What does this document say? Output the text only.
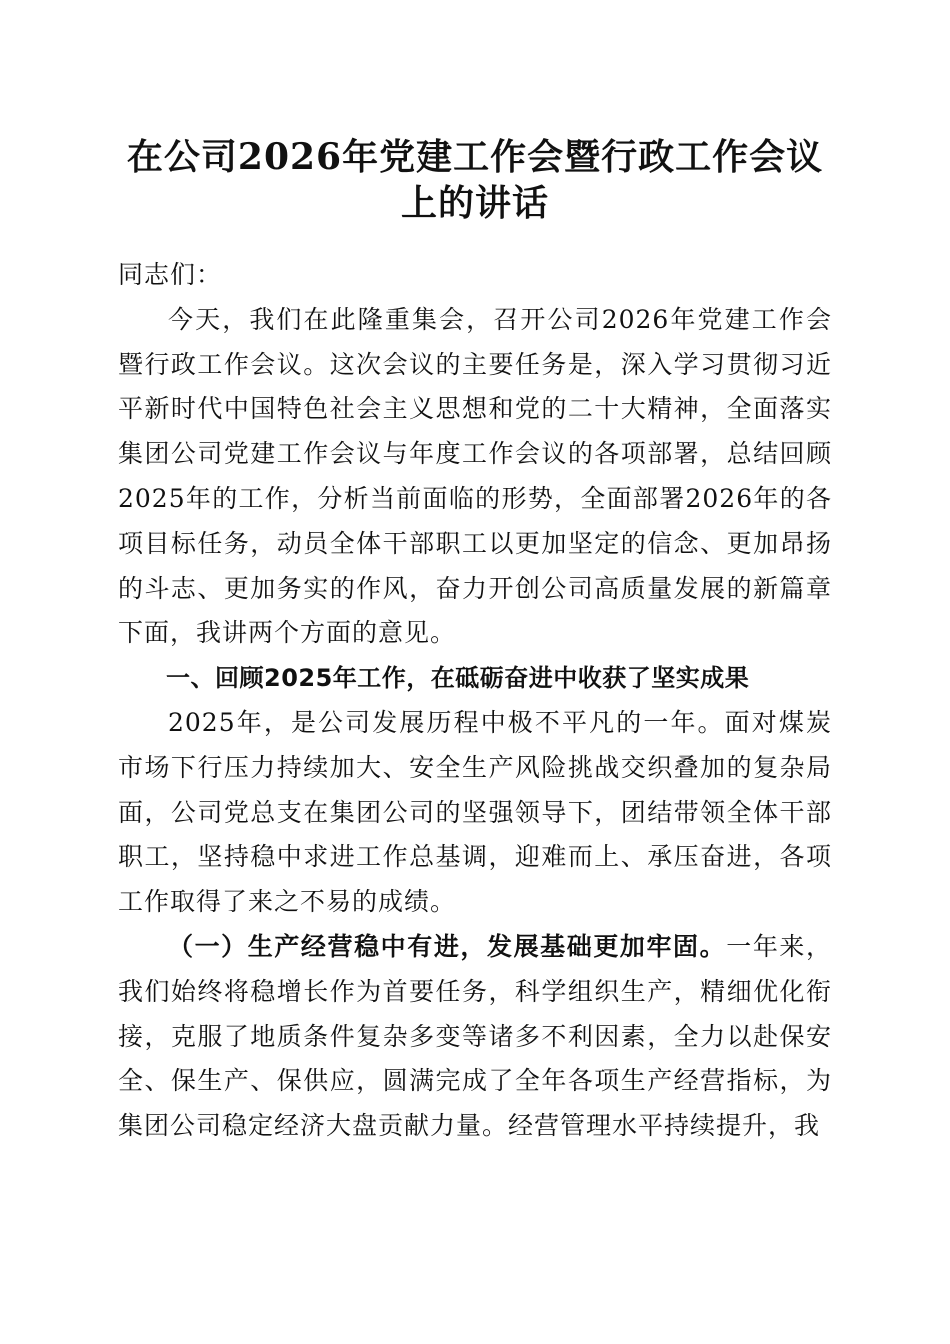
在公司2026年党建工作会暨行政工作会议上的讲话

同志们：

今天，我们在此隆重集会，召开公司2026年党建工作会暨行政工作会议。这次会议的主要任务是，深入学习贯彻习近平新时代中国特色社会主义思想和党的二十大精神，全面落实集团公司党建工作会议与年度工作会议的各项部署，总结回顾2025年的工作，分析当前面临的形势，全面部署2026年的各项目标任务，动员全体干部职工以更加坚定的信念、更加昂扬的斗志、更加务实的作风，奋力开创公司高质量发展的新篇章下面，我讲两个方面的意见。

一、回顾2025年工作，在砥砺奋进中收获了坚实成果

2025年，是公司发展历程中极不平凡的一年。面对煤炭市场下行压力持续加大、安全生产风险挑战交织叠加的复杂局面，公司党总支在集团公司的坚强领导下，团结带领全体干部职工，坚持稳中求进工作总基调，迎难而上、承压奋进，各项工作取得了来之不易的成绩。

（一）生产经营稳中有进，发展基础更加牢固。一年来，我们始终将稳增长作为首要任务，科学组织生产，精细优化衔接，克服了地质条件复杂多变等诸多不利因素，全力以赴保安全、保生产、保供应，圆满完成了全年各项生产经营指标，为集团公司稳定经济大盘贡献力量。经营管理水平持续提升，我
